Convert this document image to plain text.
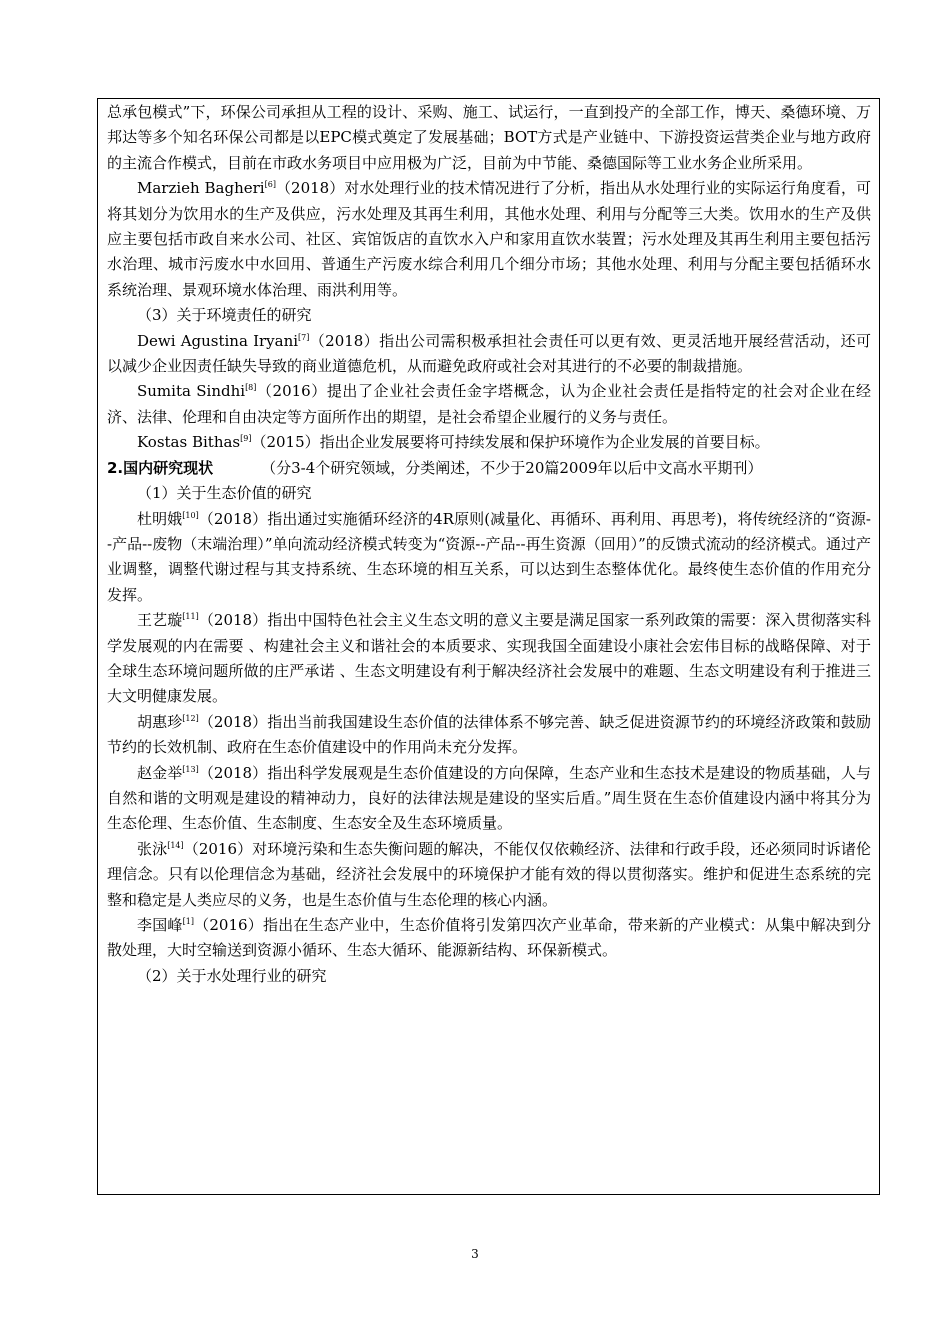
总承包模式”下，环保公司承担从工程的设计、采购、施工、试运行，一直到投产的全部工作，博天、桑德环境、万邦达等多个知名环保公司都是以EPC模式奠定了发展基础；BOT方式是产业链中、下游投资运营类企业与地方政府的主流合作模式，目前在市政水务项目中应用极为广泛，目前为中节能、桑德国际等工业水务企业所采用。

Marzieh Bagheri[6]（2018）对水处理行业的技术情况进行了分析，指出从水处理行业的实际运行角度看，可将其划分为饮用水的生产及供应，污水处理及其再生利用，其他水处理、利用与分配等三大类。饮用水的生产及供应主要包括市政自来水公司、社区、宾馆饭店的直饮水入户和家用直饮水装置；污水处理及其再生利用主要包括污水治理、城市污废水中水回用、普通生产污废水综合利用几个细分市场；其他水处理、利用与分配主要包括循环水系统治理、景观环境水体治理、雨洪利用等。

（3）关于环境责任的研究

Dewi Agustina Iryani[7]（2018）指出公司需积极承担社会责任可以更有效、更灵活地开展经营活动，还可以减少企业因责任缺失导致的商业道德危机，从而避免政府或社会对其进行的不必要的制裁措施。

Sumita Sindhi[8]（2016）提出了企业社会责任金字塔概念，认为企业社会责任是指特定的社会对企业在经济、法律、伦理和自由决定等方面所作出的期望，是社会希望企业履行的义务与责任。

Kostas Bithas[9]（2015）指出企业发展要将可持续发展和保护环境作为企业发展的首要目标。

2.国内研究现状	（分3-4个研究领域，分类阐述，不少于20篇2009年以后中文高水平期刊）

（1）关于生态价值的研究

杜明娥[10]（2018）指出通过实施循环经济的4R原则(减量化、再循环、再利用、再思考)，将传统经济的“资源--产品--废物（末端治理）”单向流动经济模式转变为“资源--产品--再生资源（回用）”的反馈式流动的经济模式。通过产业调整，调整代谢过程与其支持系统、生态环境的相互关系，可以达到生态整体优化。最终使生态价值的作用充分发挥。

王艺璇[11]（2018）指出中国特色社会主义生态文明的意义主要是满足国家一系列政策的需要：深入贯彻落实科学发展观的内在需要 、构建社会主义和谐社会的本质要求、实现我国全面建设小康社会宏伟目标的战略保障、对于全球生态环境问题所做的庄严承诺 、生态文明建设有利于解决经济社会发展中的难题、生态文明建设有利于推进三大文明健康发展。

胡惠珍[12]（2018）指出当前我国建设生态价值的法律体系不够完善、缺乏促进资源节约的环境经济政策和鼓励节约的长效机制、政府在生态价值建设中的作用尚未充分发挥。

赵金举[13]（2018）指出科学发展观是生态价值建设的方向保障，生态产业和生态技术是建设的物质基础，人与自然和谐的文明观是建设的精神动力，良好的法律法规是建设的坚实后盾。”周生贤在生态价值建设内涵中将其分为生态伦理、生态价值、生态制度、生态安全及生态环境质量。

张泳[14]（2016）对环境污染和生态失衡问题的解决，不能仅仅依赖经济、法律和行政手段，还必须同时诉诸伦理信念。只有以伦理信念为基础，经济社会发展中的环境保护才能有效的得以贯彻落实。维护和促进生态系统的完整和稳定是人类应尽的义务，也是生态价值与生态伦理的核心内涵。

李国峰[1]（2016）指出在生态产业中，生态价值将引发第四次产业革命，带来新的产业模式：从集中解决到分散处理，大时空输送到资源小循环、生态大循环、能源新结构、环保新模式。

（2）关于水处理行业的研究

3
